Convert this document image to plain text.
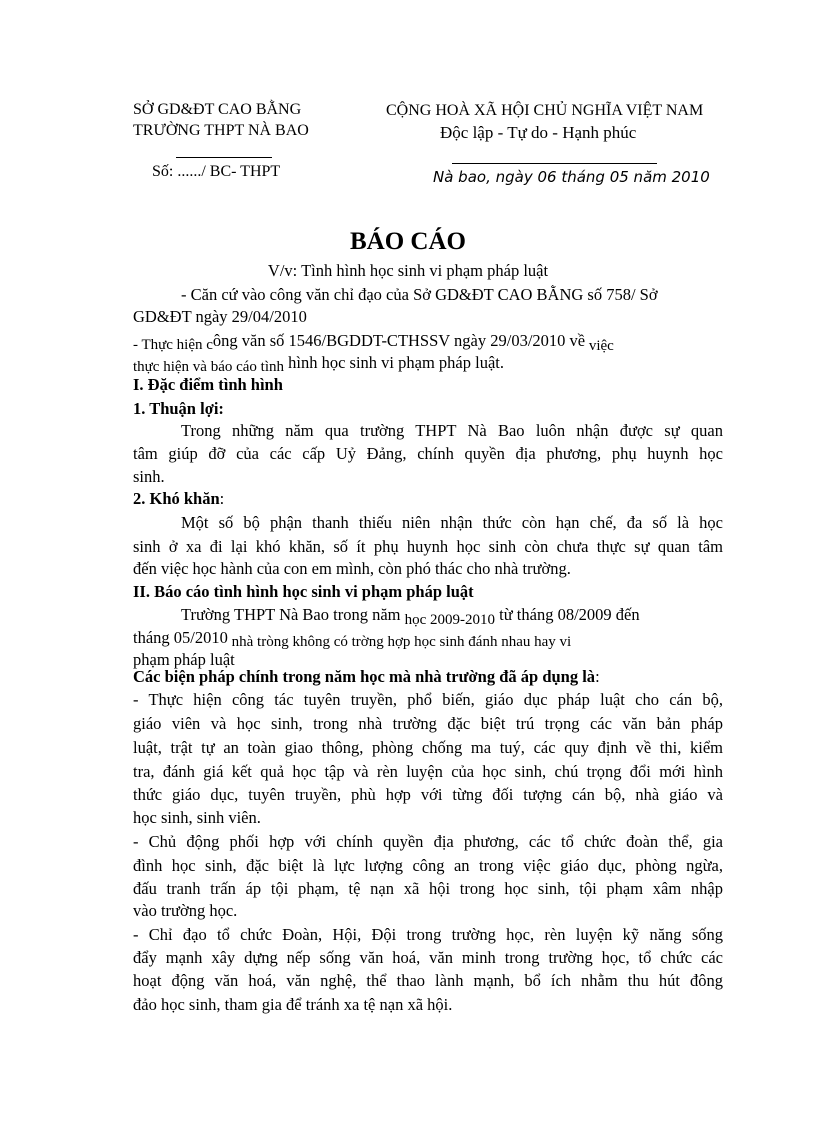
SỞ GD&ĐT CAO BẰNG
TRƯỜNG THPT NÀ BAO
Số: ....../ BC- THPT
CỘNG HOÀ XÃ HỘI CHỦ NGHĨA VIỆT NAM
Độc lập - Tự do - Hạnh phúc
Nà bao, ngày 06 tháng 05 năm 2010
BÁO CÁO
V/v: Tình hình học sinh vi phạm pháp luật
- Căn cứ vào công văn chỉ đạo của Sở GD&ĐT CAO BẰNG số 758/ Sở
GD&ĐT ngày 29/04/2010
- Thực hiện công văn số 1546/BGDDT-CTHSSV ngày 29/03/2010 về việc
thực hiện và báo cáo tình hình học sinh vi phạm pháp luật.
I. Đặc điểm tình hình
1. Thuận lợi:
Trong những năm qua trường THPT Nà Bao luôn nhận được sự quan
tâm giúp đỡ của các cấp Uỷ Đảng, chính quyền địa phương, phụ huynh học
sinh.
2. Khó khăn:
Một số bộ phận thanh thiếu niên nhận thức còn hạn chế, đa số là học
sinh ở xa đi lại khó khăn, số ít phụ huynh học sinh còn chưa thực sự quan tâm
đến việc học hành của con em mình, còn phó thác cho nhà trường.
II. Báo cáo tình hình học sinh vi phạm pháp luật
Trường THPT Nà Bao trong năm học 2009-2010 từ tháng 08/2009 đến
tháng 05/2010 nhà tròng không có trờng hợp học sinh đánh nhau hay vi
phạm pháp luật
Các biện pháp chính trong năm học mà nhà trường đã áp dụng là:
- Thực hiện công tác tuyên truyền, phổ biến, giáo dục pháp luật cho cán bộ,
giáo viên và học sinh, trong nhà trường đặc biệt trú trọng các văn bản pháp
luật, trật tự an toàn giao thông, phòng chống ma tuý, các quy định về thi, kiểm
tra, đánh giá kết quả học tập và rèn luyện của học sinh, chú trọng đổi mới hình
thức giáo dục, tuyên truyền, phù hợp với từng đối tượng cán bộ, nhà giáo và
học sinh, sinh viên.
- Chủ động phối hợp với chính quyền địa phương, các tổ chức đoàn thể, gia
đình học sinh, đặc biệt là lực lượng công an trong việc giáo dục, phòng ngừa,
đấu tranh trấn áp tội phạm, tệ nạn xã hội trong học sinh, tội phạm xâm nhập
vào trường học.
- Chỉ đạo tổ chức Đoàn, Hội, Đội trong trường học, rèn luyện kỹ năng sống
đẩy mạnh xây dựng nếp sống văn hoá, văn minh trong trường học, tổ chức các
hoạt động văn hoá, văn nghệ, thể thao lành mạnh, bổ ích nhằm thu hút đông
đảo học sinh, tham gia để tránh xa tệ nạn xã hội.
